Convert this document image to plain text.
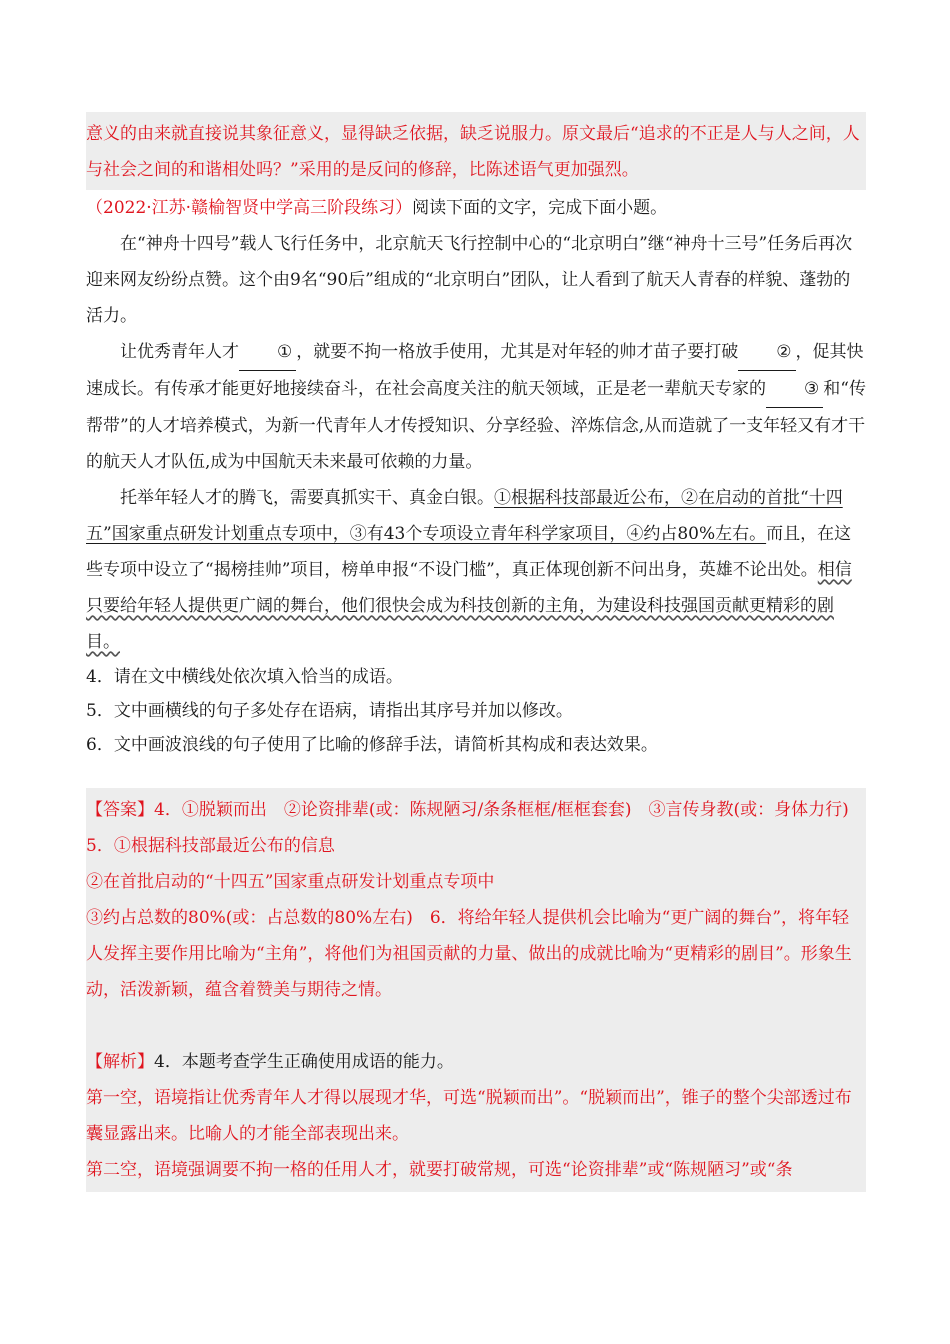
意义的由来就直接说其象征意义，显得缺乏依据，缺乏说服力。原文最后“追求的不正是人与人之间，人与社会之间的和谐相处吗？”采用的是反问的修辞，比陈述语气更加强烈。

（2022·江苏·赣榆智贤中学高三阶段练习）阅读下面的文字，完成下面小题。

在“神舟十四号”载人飞行任务中，北京航天飞行控制中心的“北京明白”继“神舟十三号”任务后再次迎来网友纷纷点赞。这个由9名“90后”组成的“北京明白”团队，让人看到了航天人青春的样貌、蓬勃的活力。

让优秀青年人才 ① ，就要不拘一格放手使用，尤其是对年轻的帅才苗子要打破 ② ，促其快速成长。有传承才能更好地接续奋斗，在社会高度关注的航天领域，正是老一辈航天专家的 ③ 和“传帮带”的人才培养模式，为新一代青年人才传授知识、分享经验、淬炼信念,从而造就了一支年轻又有才干的航天人才队伍,成为中国航天未来最可依赖的力量。

托举年轻人才的腾飞，需要真抓实干、真金白银。①根据科技部最近公布，②在启动的首批“十四五”国家重点研发计划重点专项中，③有43个专项设立青年科学家项目，④约占80%左右。而且，在这些专项中设立了“揭榜挂帅”项目，榜单申报“不设门槛”，真正体现创新不问出身，英雄不论出处。相信只要给年轻人提供更广阔的舞台，他们很快会成为科技创新的主角，为建设科技强国贡献更精彩的剧目。

4．请在文中横线处依次填入恰当的成语。

5．文中画横线的句子多处存在语病，请指出其序号并加以修改。

6．文中画波浪线的句子使用了比喻的修辞手法，请简析其构成和表达效果。

【答案】4．①脱颖而出　②论资排辈(或：陈规陋习/条条框框/框框套套)　③言传身教(或：身体力行)　5．①根据科技部最近公布的信息

②在首批启动的“十四五”国家重点研发计划重点专项中

③约占总数的80%(或：占总数的80%左右)　6．将给年轻人提供机会比喻为“更广阔的舞台”，将年轻人发挥主要作用比喻为“主角”，将他们为祖国贡献的力量、做出的成就比喻为“更精彩的剧目”。形象生动，活泼新颖，蕴含着赞美与期待之情。

【解析】4．本题考查学生正确使用成语的能力。

第一空，语境指让优秀青年人才得以展现才华，可选“脱颖而出”。“脱颖而出”，锥子的整个尖部透过布囊显露出来。比喻人的才能全部表现出来。

第二空，语境强调要不拘一格的任用人才，就要打破常规，可选“论资排辈”或“陈规陋习”或“条
